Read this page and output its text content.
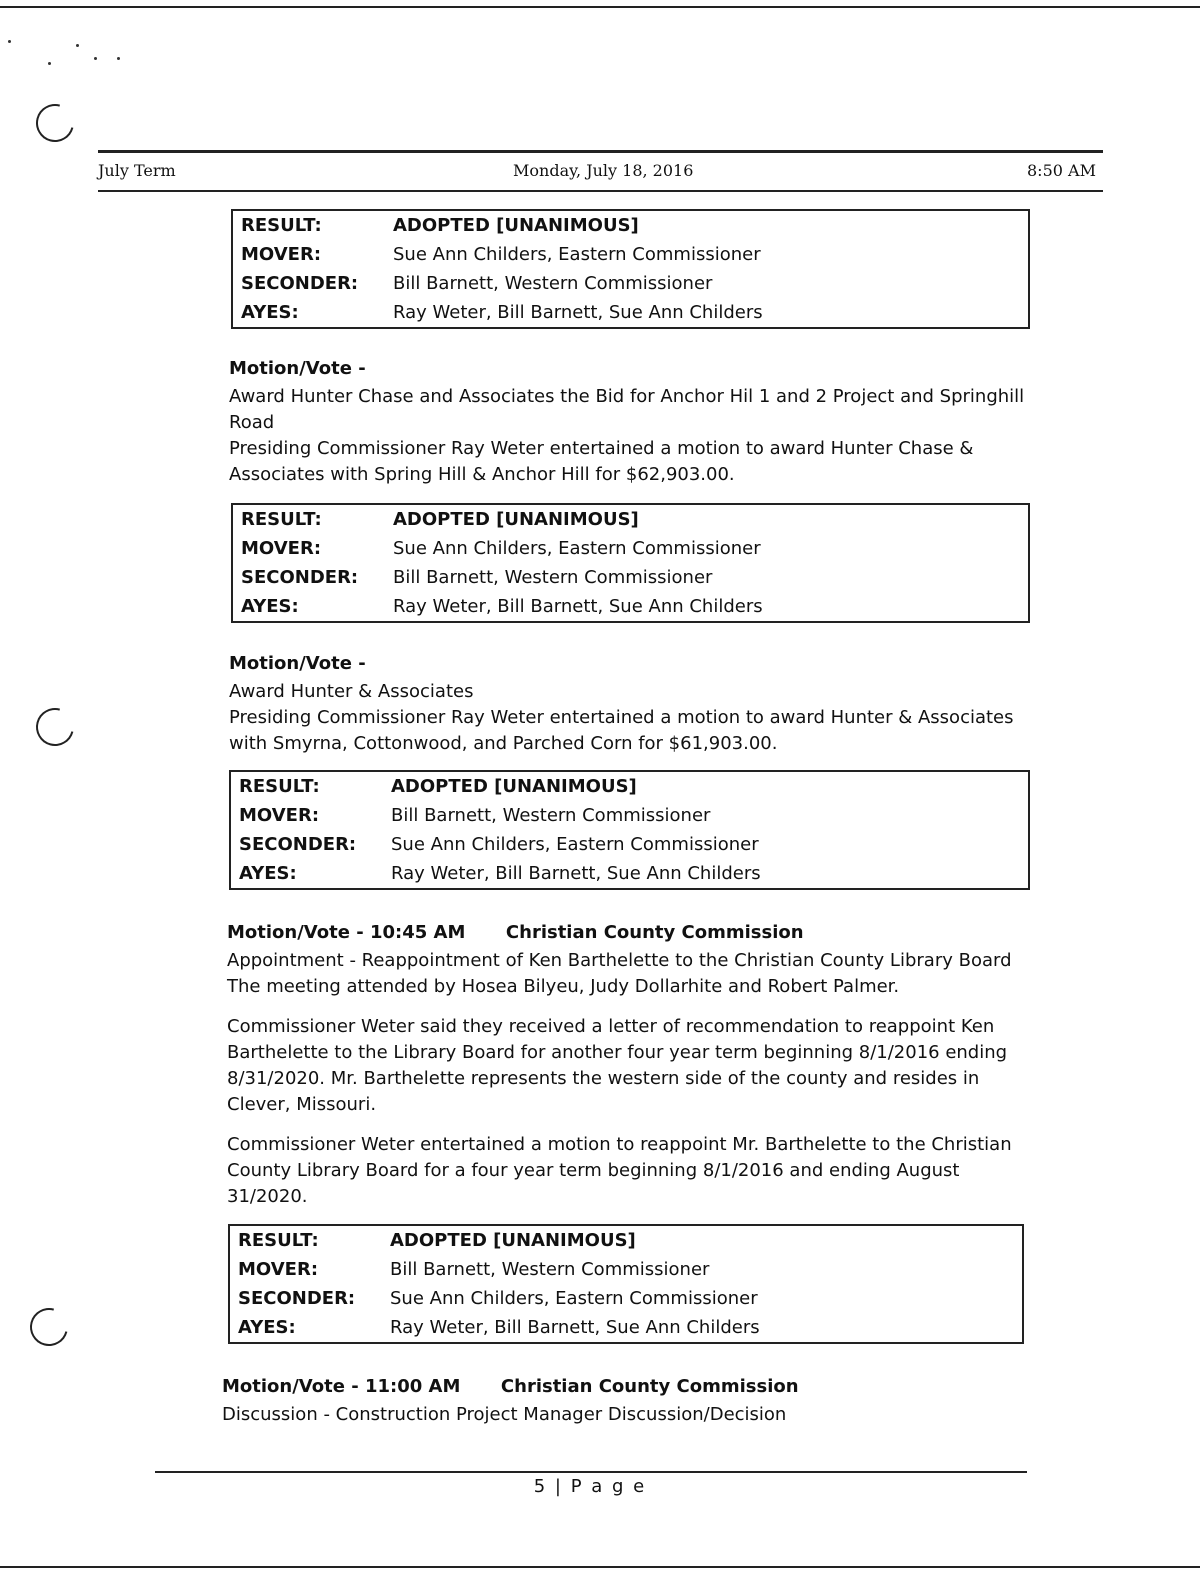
July Term	Monday, July 18, 2016	8:50 AM
RESULT:	ADOPTED [UNANIMOUS]
MOVER:	Sue Ann Childers, Eastern Commissioner
SECONDER:	Bill Barnett, Western Commissioner
AYES:	Ray Weter, Bill Barnett, Sue Ann Childers
Motion/Vote -
Award Hunter Chase and Associates the Bid for Anchor Hil 1 and 2 Project and Springhill
Road
Presiding Commissioner Ray Weter entertained a motion to award Hunter Chase &
Associates with Spring Hill & Anchor Hill for $62,903.00.
RESULT:	ADOPTED [UNANIMOUS]
MOVER:	Sue Ann Childers, Eastern Commissioner
SECONDER:	Bill Barnett, Western Commissioner
AYES:	Ray Weter, Bill Barnett, Sue Ann Childers
Motion/Vote -
Award Hunter & Associates
Presiding Commissioner Ray Weter entertained a motion to award Hunter & Associates
with Smyrna, Cottonwood, and Parched Corn for $61,903.00.
RESULT:	ADOPTED [UNANIMOUS]
MOVER:	Bill Barnett, Western Commissioner
SECONDER:	Sue Ann Childers, Eastern Commissioner
AYES:	Ray Weter, Bill Barnett, Sue Ann Childers
Motion/Vote - 10:45 AM Christian County Commission
Appointment - Reappointment of Ken Barthelette to the Christian County Library Board
The meeting attended by Hosea Bilyeu, Judy Dollarhite and Robert Palmer.
Commissioner Weter said they received a letter of recommendation to reappoint Ken
Barthelette to the Library Board for another four year term beginning 8/1/2016 ending
8/31/2020. Mr. Barthelette represents the western side of the county and resides in
Clever, Missouri.
Commissioner Weter entertained a motion to reappoint Mr. Barthelette to the Christian
County Library Board for a four year term beginning 8/1/2016 and ending August
31/2020.
RESULT:	ADOPTED [UNANIMOUS]
MOVER:	Bill Barnett, Western Commissioner
SECONDER:	Sue Ann Childers, Eastern Commissioner
AYES:	Ray Weter, Bill Barnett, Sue Ann Childers
Motion/Vote - 11:00 AM Christian County Commission
Discussion - Construction Project Manager Discussion/Decision
5 | P a g e
